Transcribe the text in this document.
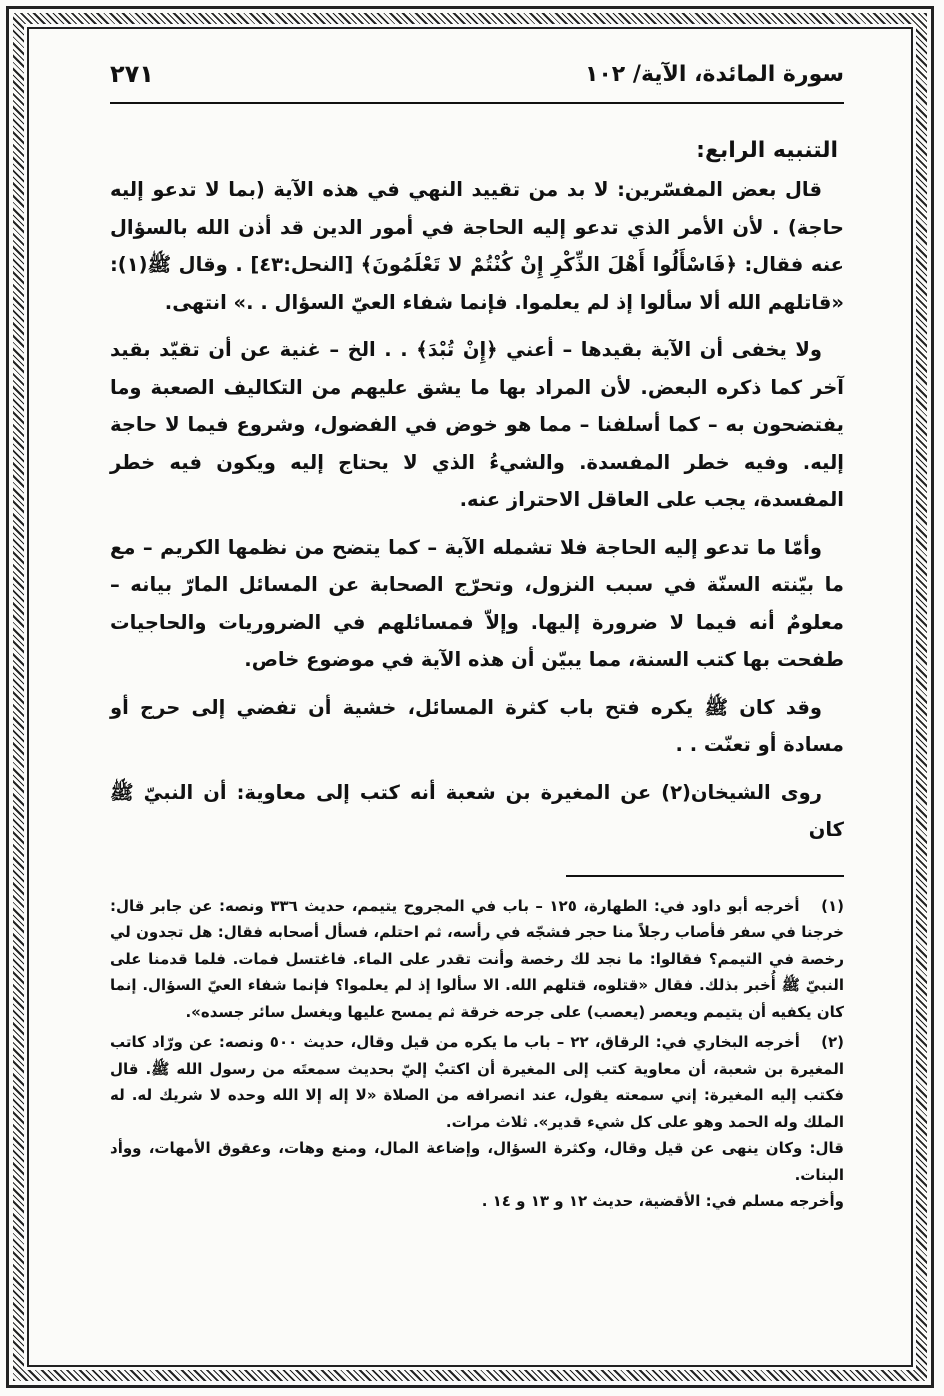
سورة المائدة، الآية/ ١٠٢
٢٧١
التنبيه الرابع:

قال بعض المفسّرين: لا بد من تقييد النهي في هذه الآية (بما لا تدعو إليه حاجة) . لأن الأمر الذي تدعو إليه الحاجة في أمور الدين قد أذن الله بالسؤال عنه فقال: ﴿فَاسْأَلُوا أَهْلَ الذِّكْرِ إِنْ كُنْتُمْ لا تَعْلَمُونَ﴾ [النحل:٤٣] . وقال ﷺ(١): «قاتلهم الله ألا سألوا إذ لم يعلموا. فإنما شفاء العيّ السؤال . .» انتهى.

ولا يخفى أن الآية بقيدها – أعني ﴿إِنْ تُبْدَ﴾ . . الخ – غنية عن أن تقيّد بقيد آخر كما ذكره البعض. لأن المراد بها ما يشق عليهم من التكاليف الصعبة وما يفتضحون به – كما أسلفنا – مما هو خوض في الفضول، وشروع فيما لا حاجة إليه. وفيه خطر المفسدة. والشيءُ الذي لا يحتاج إليه ويكون فيه خطر المفسدة، يجب على العاقل الاحتراز عنه.

وأمّا ما تدعو إليه الحاجة فلا تشمله الآية – كما يتضح من نظمها الكريم – مع ما بيّنته السنّة في سبب النزول، وتحرّج الصحابة عن المسائل المارّ بيانه – معلومٌ أنه فيما لا ضرورة إليها. وإلاّ فمسائلهم في الضروريات والحاجيات طفحت بها كتب السنة، مما يبيّن أن هذه الآية في موضوع خاص.

وقد كان ﷺ يكره فتح باب كثرة المسائل، خشية أن تفضي إلى حرج أو مسادة أو تعنّت . .

روى الشيخان(٢) عن المغيرة بن شعبة أنه كتب إلى معاوية: أن النبيّ ﷺ كان

(١) أخرجه أبو داود في: الطهارة، ١٢٥ – باب في المجروح يتيمم، حديث ٣٣٦ ونصه: عن جابر قال: خرجنا في سفر فأصاب رجلاً منا حجر فشجّه في رأسه، ثم احتلم، فسأل أصحابه فقال: هل تجدون لي رخصة في التيمم؟ فقالوا: ما نجد لك رخصة وأنت تقدر على الماء. فاغتسل فمات. فلما قدمنا على النبيّ ﷺ أُخبر بذلك. فقال «قتلوه، قتلهم الله. الا سألوا إذ لم يعلموا؟ فإنما شفاء العيّ السؤال. إنما كان يكفيه أن يتيمم ويعصر (يعصب) على جرحه خرقة ثم يمسح عليها ويغسل سائر جسده».

(٢) أخرجه البخاري في: الرقاق، ٢٢ – باب ما يكره من قيل وقال، حديث ٥٠٠ ونصه: عن ورّاد كاتب المغيرة بن شعبة، أن معاوية كتب إلى المغيرة أن اكتبْ إليّ بحديث سمعتَه من رسول الله ﷺ. قال فكتب إليه المغيرة: إني سمعته يقول، عند انصرافه من الصلاة «لا إله إلا الله وحده لا شريك له. له الملك وله الحمد وهو على كل شيء قدير». ثلاث مرات.

قال: وكان ينهى عن قيل وقال، وكثرة السؤال، وإضاعة المال، ومنع وهات، وعقوق الأمهات، ووأد البنات.

وأخرجه مسلم في: الأقضية، حديث ١٢ و ١٣ و ١٤ .
